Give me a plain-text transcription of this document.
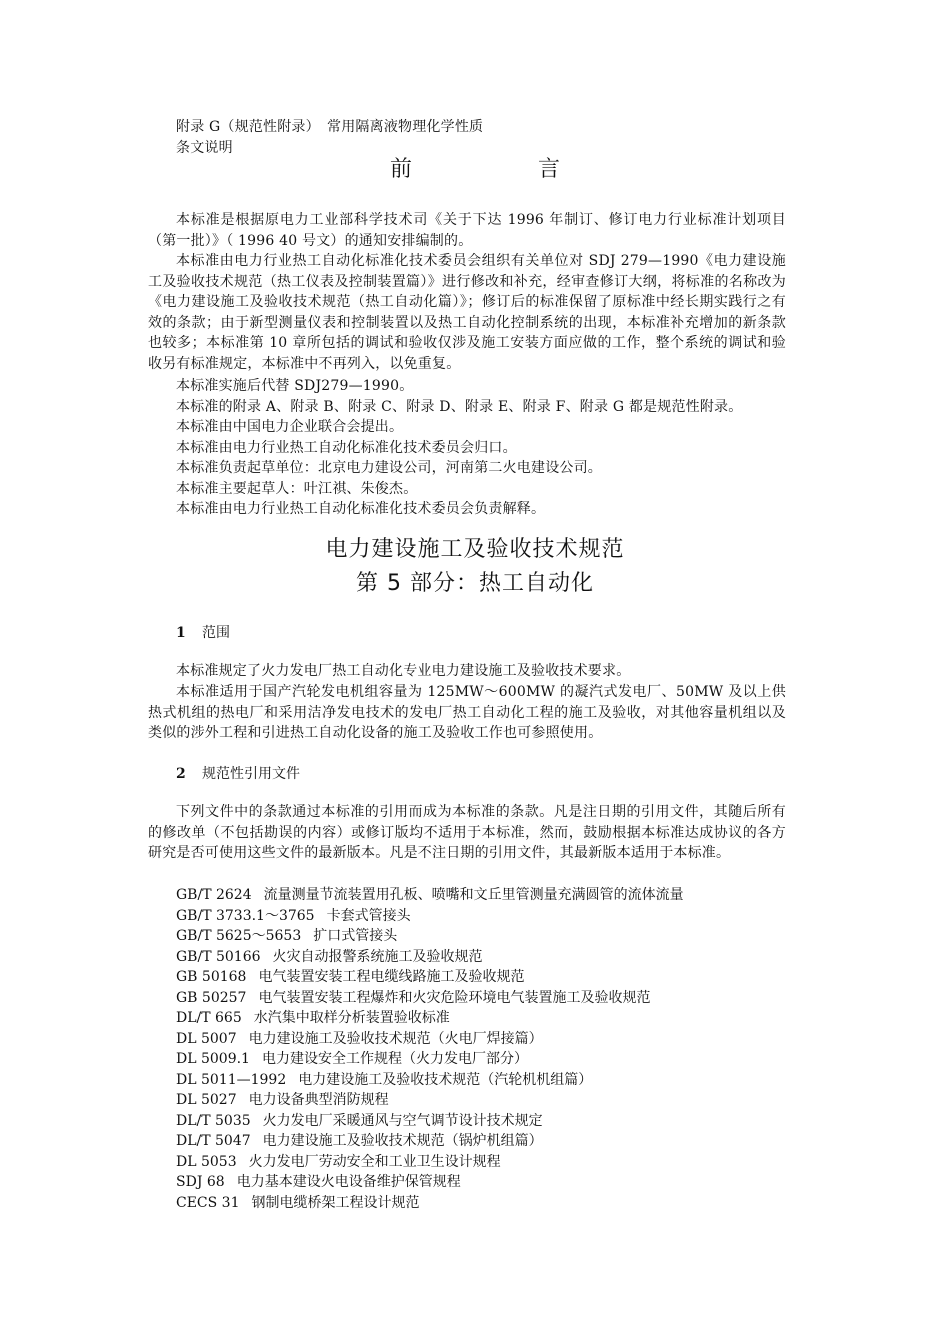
附录 G（规范性附录）　常用隔离液物理化学性质
条文说明
前　言
本标准是根据原电力工业部科学技术司《关于下达 1996 年制订、修订电力行业标准计划项目（第一批）》（ 1996 40 号文）的通知安排编制的。
本标准由电力行业热工自动化标准化技术委员会组织有关单位对 SDJ 279—1990《电力建设施工及验收技术规范（热工仪表及控制装置篇）》进行修改和补充，经审查修订大纲，将标准的名称改为《电力建设施工及验收技术规范（热工自动化篇）》；修订后的标准保留了原标准中经长期实践行之有效的条款；由于新型测量仪表和控制装置以及热工自动化控制系统的出现，本标准补充增加的新条款也较多；本标准第 10 章所包括的调试和验收仅涉及施工安装方面应做的工作，整个系统的调试和验收另有标准规定，本标准中不再列入，以免重复。
本标准实施后代替 SDJ279—1990。
本标准的附录 A、附录 B、附录 C、附录 D、附录 E、附录 F、附录 G 都是规范性附录。
本标准由中国电力企业联合会提出。
本标准由电力行业热工自动化标准化技术委员会归口。
本标准负责起草单位：北京电力建设公司，河南第二火电建设公司。
本标准主要起草人：叶江祺、朱俊杰。
本标准由电力行业热工自动化标准化技术委员会负责解释。
电力建设施工及验收技术规范
第 5 部分：热工自动化
1 范围
本标准规定了火力发电厂热工自动化专业电力建设施工及验收技术要求。
本标准适用于国产汽轮发电机组容量为 125MW～600MW 的凝汽式发电厂、50MW 及以上供热式机组的热电厂和采用洁净发电技术的发电厂热工自动化工程的施工及验收，对其他容量机组以及类似的涉外工程和引进热工自动化设备的施工及验收工作也可参照使用。
2 规范性引用文件
下列文件中的条款通过本标准的引用而成为本标准的条款。凡是注日期的引用文件，其随后所有的修改单（不包括勘误的内容）或修订版均不适用于本标准，然而，鼓励根据本标准达成协议的各方研究是否可使用这些文件的最新版本。凡是不注日期的引用文件，其最新版本适用于本标准。
GB/T 2624 流量测量节流装置用孔板、喷嘴和文丘里管测量充满圆管的流体流量
GB/T 3733.1～3765 卡套式管接头
GB/T 5625～5653 扩口式管接头
GB/T 50166 火灾自动报警系统施工及验收规范
GB 50168 电气装置安装工程电缆线路施工及验收规范
GB 50257 电气装置安装工程爆炸和火灾危险环境电气装置施工及验收规范
DL/T 665 水汽集中取样分析装置验收标准
DL 5007 电力建设施工及验收技术规范（火电厂焊接篇）
DL 5009.1 电力建设安全工作规程（火力发电厂部分）
DL 5011—1992 电力建设施工及验收技术规范（汽轮机机组篇）
DL 5027 电力设备典型消防规程
DL/T 5035 火力发电厂采暖通风与空气调节设计技术规定
DL/T 5047 电力建设施工及验收技术规范（锅炉机组篇）
DL 5053 火力发电厂劳动安全和工业卫生设计规程
SDJ 68 电力基本建设火电设备维护保管规程
CECS 31 钢制电缆桥架工程设计规范
